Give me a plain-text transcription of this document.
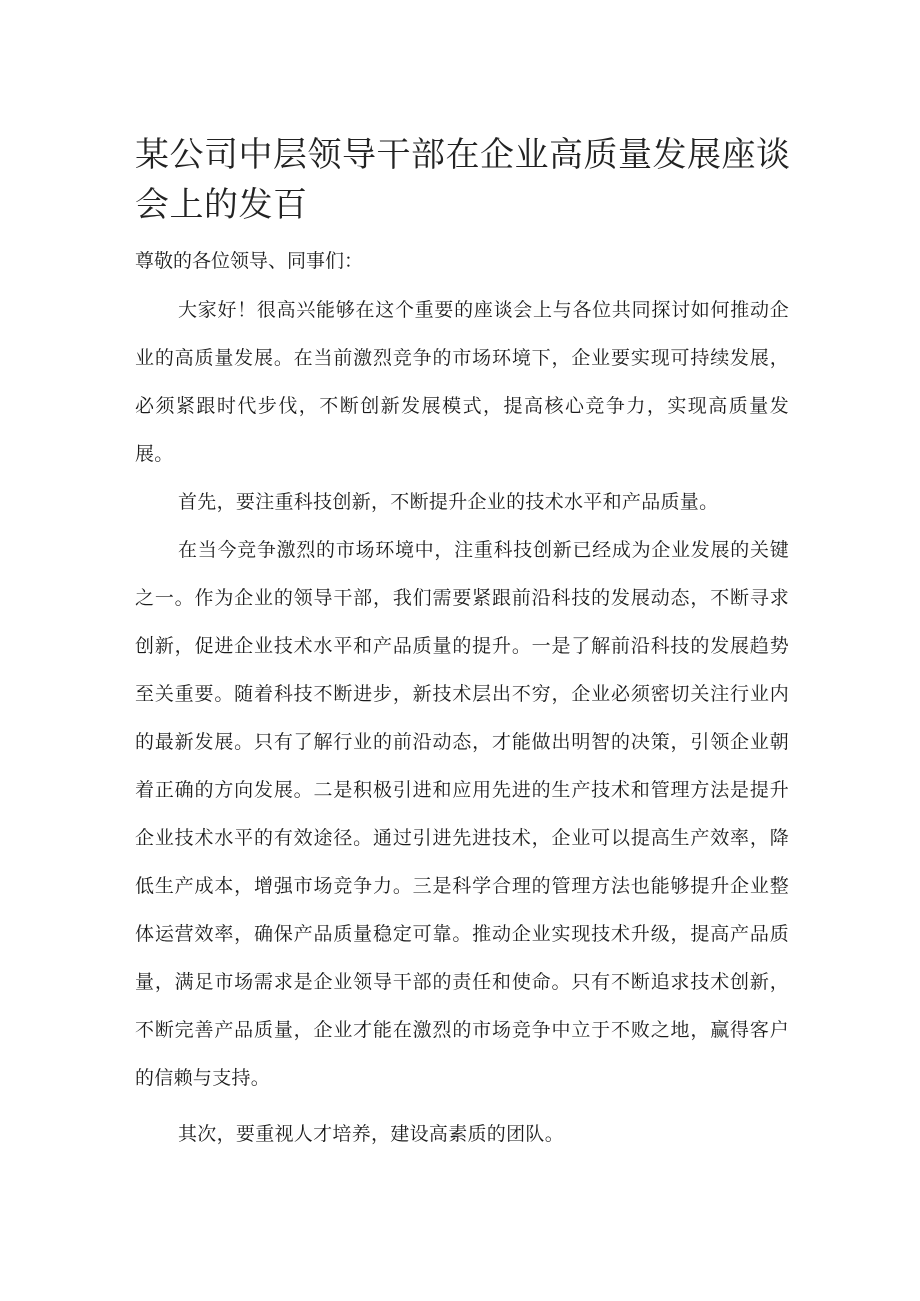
某公司中层领导干部在企业高质量发展座谈会上的发百

尊敬的各位领导、同事们：

大家好！很高兴能够在这个重要的座谈会上与各位共同探讨如何推动企业的高质量发展。在当前激烈竞争的市场环境下，企业要实现可持续发展，必须紧跟时代步伐，不断创新发展模式，提高核心竞争力，实现高质量发展。

首先，要注重科技创新，不断提升企业的技术水平和产品质量。

在当今竞争激烈的市场环境中，注重科技创新已经成为企业发展的关键之一。作为企业的领导干部，我们需要紧跟前沿科技的发展动态，不断寻求创新，促进企业技术水平和产品质量的提升。一是了解前沿科技的发展趋势至关重要。随着科技不断进步，新技术层出不穷，企业必须密切关注行业内的最新发展。只有了解行业的前沿动态，才能做出明智的决策，引领企业朝着正确的方向发展。二是积极引进和应用先进的生产技术和管理方法是提升企业技术水平的有效途径。通过引进先进技术，企业可以提高生产效率，降低生产成本，增强市场竞争力。三是科学合理的管理方法也能够提升企业整体运营效率，确保产品质量稳定可靠。推动企业实现技术升级，提高产品质量，满足市场需求是企业领导干部的责任和使命。只有不断追求技术创新，不断完善产品质量，企业才能在激烈的市场竞争中立于不败之地，赢得客户的信赖与支持。

其次，要重视人才培养，建设高素质的团队。
